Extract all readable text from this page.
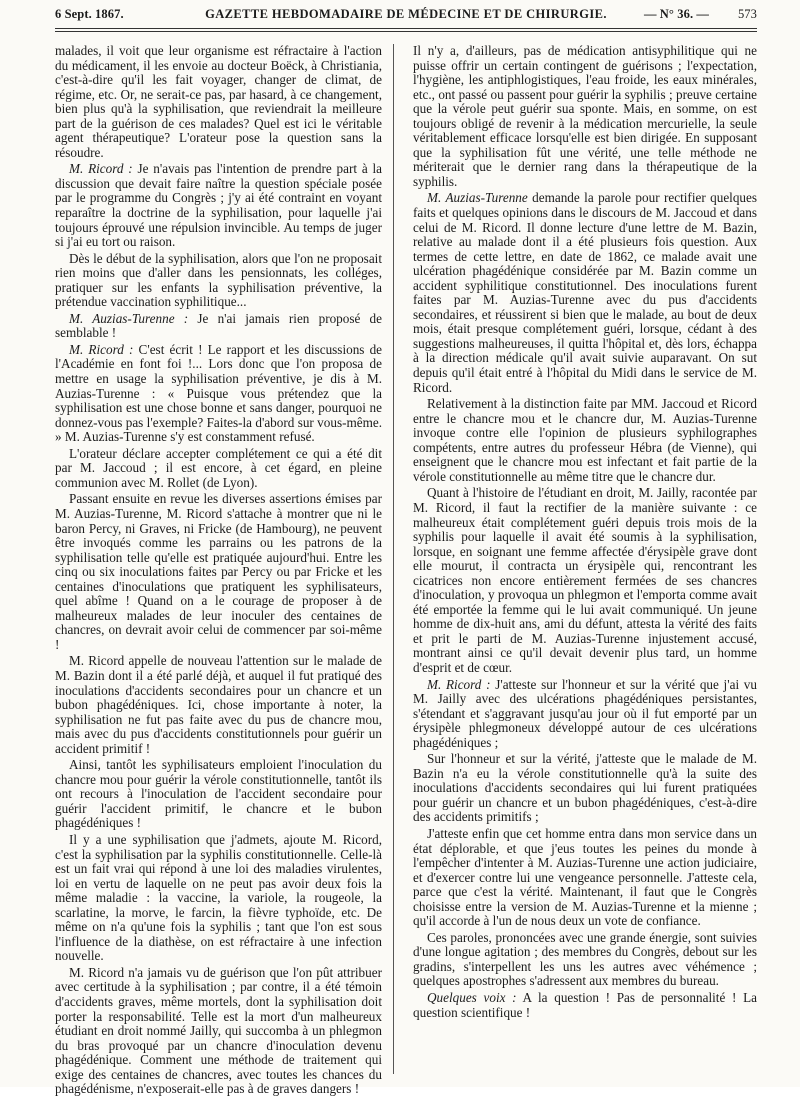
6 Sept. 1867.	GAZETTE HEBDOMADAIRE DE MÉDECINE ET DE CHIRURGIE.	— N° 36. — 573

malades, il voit que leur organisme est réfractaire à l'action du médicament, il les envoie au docteur Boëck, à Christiania, c'est-à-dire qu'il les fait voyager, changer de climat, de régime, etc. Or, ne serait-ce pas, par hasard, à ce changement, bien plus qu'à la syphilisation, que reviendrait la meilleure part de la guérison de ces malades? Quel est ici le véritable agent thérapeutique? L'orateur pose la question sans la résoudre.

M. Ricord : Je n'avais pas l'intention de prendre part à la discussion que devait faire naître la question spéciale posée par le programme du Congrès ; j'y ai été contraint en voyant reparaître la doctrine de la syphilisation, pour laquelle j'ai toujours éprouvé une répulsion invincible. Au temps de juger si j'ai eu tort ou raison.

Dès le début de la syphilisation, alors que l'on ne proposait rien moins que d'aller dans les pensionnats, les colléges, pratiquer sur les enfants la syphilisation préventive, la prétendue vaccination syphilitique...

M. Auzias-Turenne : Je n'ai jamais rien proposé de semblable !

M. Ricord : C'est écrit ! Le rapport et les discussions de l'Académie en font foi !... Lors donc que l'on proposa de mettre en usage la syphilisation préventive, je dis à M. Auzias-Turenne : « Puisque vous prétendez que la syphilisation est une chose bonne et sans danger, pourquoi ne donnez-vous pas l'exemple? Faites-la d'abord sur vous-même. » M. Auzias-Turenne s'y est constamment refusé.

L'orateur déclare accepter complétement ce qui a été dit par M. Jaccoud ; il est encore, à cet égard, en pleine communion avec M. Rollet (de Lyon).

Passant ensuite en revue les diverses assertions émises par M. Auzias-Turenne, M. Ricord s'attache à montrer que ni le baron Percy, ni Graves, ni Fricke (de Hambourg), ne peuvent être invoqués comme les parrains ou les patrons de la syphilisation telle qu'elle est pratiquée aujourd'hui. Entre les cinq ou six inoculations faites par Percy ou par Fricke et les centaines d'inoculations que pratiquent les syphilisateurs, quel abîme ! Quand on a le courage de proposer à de malheureux malades de leur inoculer des centaines de chancres, on devrait avoir celui de commencer par soi-même !

M. Ricord appelle de nouveau l'attention sur le malade de M. Bazin dont il a été parlé déjà, et auquel il fut pratiqué des inoculations d'accidents secondaires pour un chancre et un bubon phagédéniques. Ici, chose importante à noter, la syphilisation ne fut pas faite avec du pus de chancre mou, mais avec du pus d'accidents constitutionnels pour guérir un accident primitif !

Ainsi, tantôt les syphilisateurs emploient l'inoculation du chancre mou pour guérir la vérole constitutionnelle, tantôt ils ont recours à l'inoculation de l'accident secondaire pour guérir l'accident primitif, le chancre et le bubon phagédéniques !

Il y a une syphilisation que j'admets, ajoute M. Ricord, c'est la syphilisation par la syphilis constitutionnelle. Celle-là est un fait vrai qui répond à une loi des maladies virulentes, loi en vertu de laquelle on ne peut pas avoir deux fois la même maladie : la vaccine, la variole, la rougeole, la scarlatine, la morve, le farcin, la fièvre typhoïde, etc. De même on n'a qu'une fois la syphilis ; tant que l'on est sous l'influence de la diathèse, on est réfractaire à une infection nouvelle.

M. Ricord n'a jamais vu de guérison que l'on pût attribuer avec certitude à la syphilisation ; par contre, il a été témoin d'accidents graves, même mortels, dont la syphilisation doit porter la responsabilité. Telle est la mort d'un malheureux étudiant en droit nommé Jailly, qui succomba à un phlegmon du bras provoqué par un chancre d'inoculation devenu phagédénique. Comment une méthode de traitement qui exige des centaines de chancres, avec toutes les chances du phagédénisme, n'exposerait-elle pas à de graves dangers !

Il n'y a, d'ailleurs, pas de médication antisyphilitique qui ne puisse offrir un certain contingent de guérisons ; l'expectation, l'hygiène, les antiphlogistiques, l'eau froide, les eaux minérales, etc., ont passé ou passent pour guérir la syphilis ; preuve certaine que la vérole peut guérir sua sponte. Mais, en somme, on est toujours obligé de revenir à la médication mercurielle, la seule véritablement efficace lorsqu'elle est bien dirigée. En supposant que la syphilisation fût une vérité, une telle méthode ne mériterait que le dernier rang dans la thérapeutique de la syphilis.

M. Auzias-Turenne demande la parole pour rectifier quelques faits et quelques opinions dans le discours de M. Jaccoud et dans celui de M. Ricord. Il donne lecture d'une lettre de M. Bazin, relative au malade dont il a été plusieurs fois question. Aux termes de cette lettre, en date de 1862, ce malade avait une ulcération phagédénique considérée par M. Bazin comme un accident syphilitique constitutionnel. Des inoculations furent faites par M. Auzias-Turenne avec du pus d'accidents secondaires, et réussirent si bien que le malade, au bout de deux mois, était presque complétement guéri, lorsque, cédant à des suggestions malheureuses, il quitta l'hôpital et, dès lors, échappa à la direction médicale qu'il avait suivie auparavant. On sut depuis qu'il était entré à l'hôpital du Midi dans le service de M. Ricord.

Relativement à la distinction faite par MM. Jaccoud et Ricord entre le chancre mou et le chancre dur, M. Auzias-Turenne invoque contre elle l'opinion de plusieurs syphilographes compétents, entre autres du professeur Hébra (de Vienne), qui enseignent que le chancre mou est infectant et fait partie de la vérole constitutionnelle au même titre que le chancre dur.

Quant à l'histoire de l'étudiant en droit, M. Jailly, racontée par M. Ricord, il faut la rectifier de la manière suivante : ce malheureux était complétement guéri depuis trois mois de la syphilis pour laquelle il avait été soumis à la syphilisation, lorsque, en soignant une femme affectée d'érysipèle grave dont elle mourut, il contracta un érysipèle qui, rencontrant les cicatrices non encore entièrement fermées de ses chancres d'inoculation, y provoqua un phlegmon et l'emporta comme avait été emportée la femme qui le lui avait communiqué. Un jeune homme de dix-huit ans, ami du défunt, attesta la vérité des faits et prit le parti de M. Auzias-Turenne injustement accusé, montrant ainsi ce qu'il devait devenir plus tard, un homme d'esprit et de cœur.

M. Ricord : J'atteste sur l'honneur et sur la vérité que j'ai vu M. Jailly avec des ulcérations phagédéniques persistantes, s'étendant et s'aggravant jusqu'au jour où il fut emporté par un érysipèle phlegmoneux développé autour de ces ulcérations phagédéniques ;

Sur l'honneur et sur la vérité, j'atteste que le malade de M. Bazin n'a eu la vérole constitutionnelle qu'à la suite des inoculations d'accidents secondaires qui lui furent pratiquées pour guérir un chancre et un bubon phagédéniques, c'est-à-dire des accidents primitifs ;

J'atteste enfin que cet homme entra dans mon service dans un état déplorable, et que j'eus toutes les peines du monde à l'empêcher d'intenter à M. Auzias-Turenne une action judiciaire, et d'exercer contre lui une vengeance personnelle. J'atteste cela, parce que c'est la vérité. Maintenant, il faut que le Congrès choisisse entre la version de M. Auzias-Turenne et la mienne ; qu'il accorde à l'un de nous deux un vote de confiance.

Ces paroles, prononcées avec une grande énergie, sont suivies d'une longue agitation ; des membres du Congrès, debout sur les gradins, s'interpellent les uns les autres avec véhémence ; quelques apostrophes s'adressent aux membres du bureau.

Quelques voix : A la question ! Pas de personnalité ! La question scientifique !
